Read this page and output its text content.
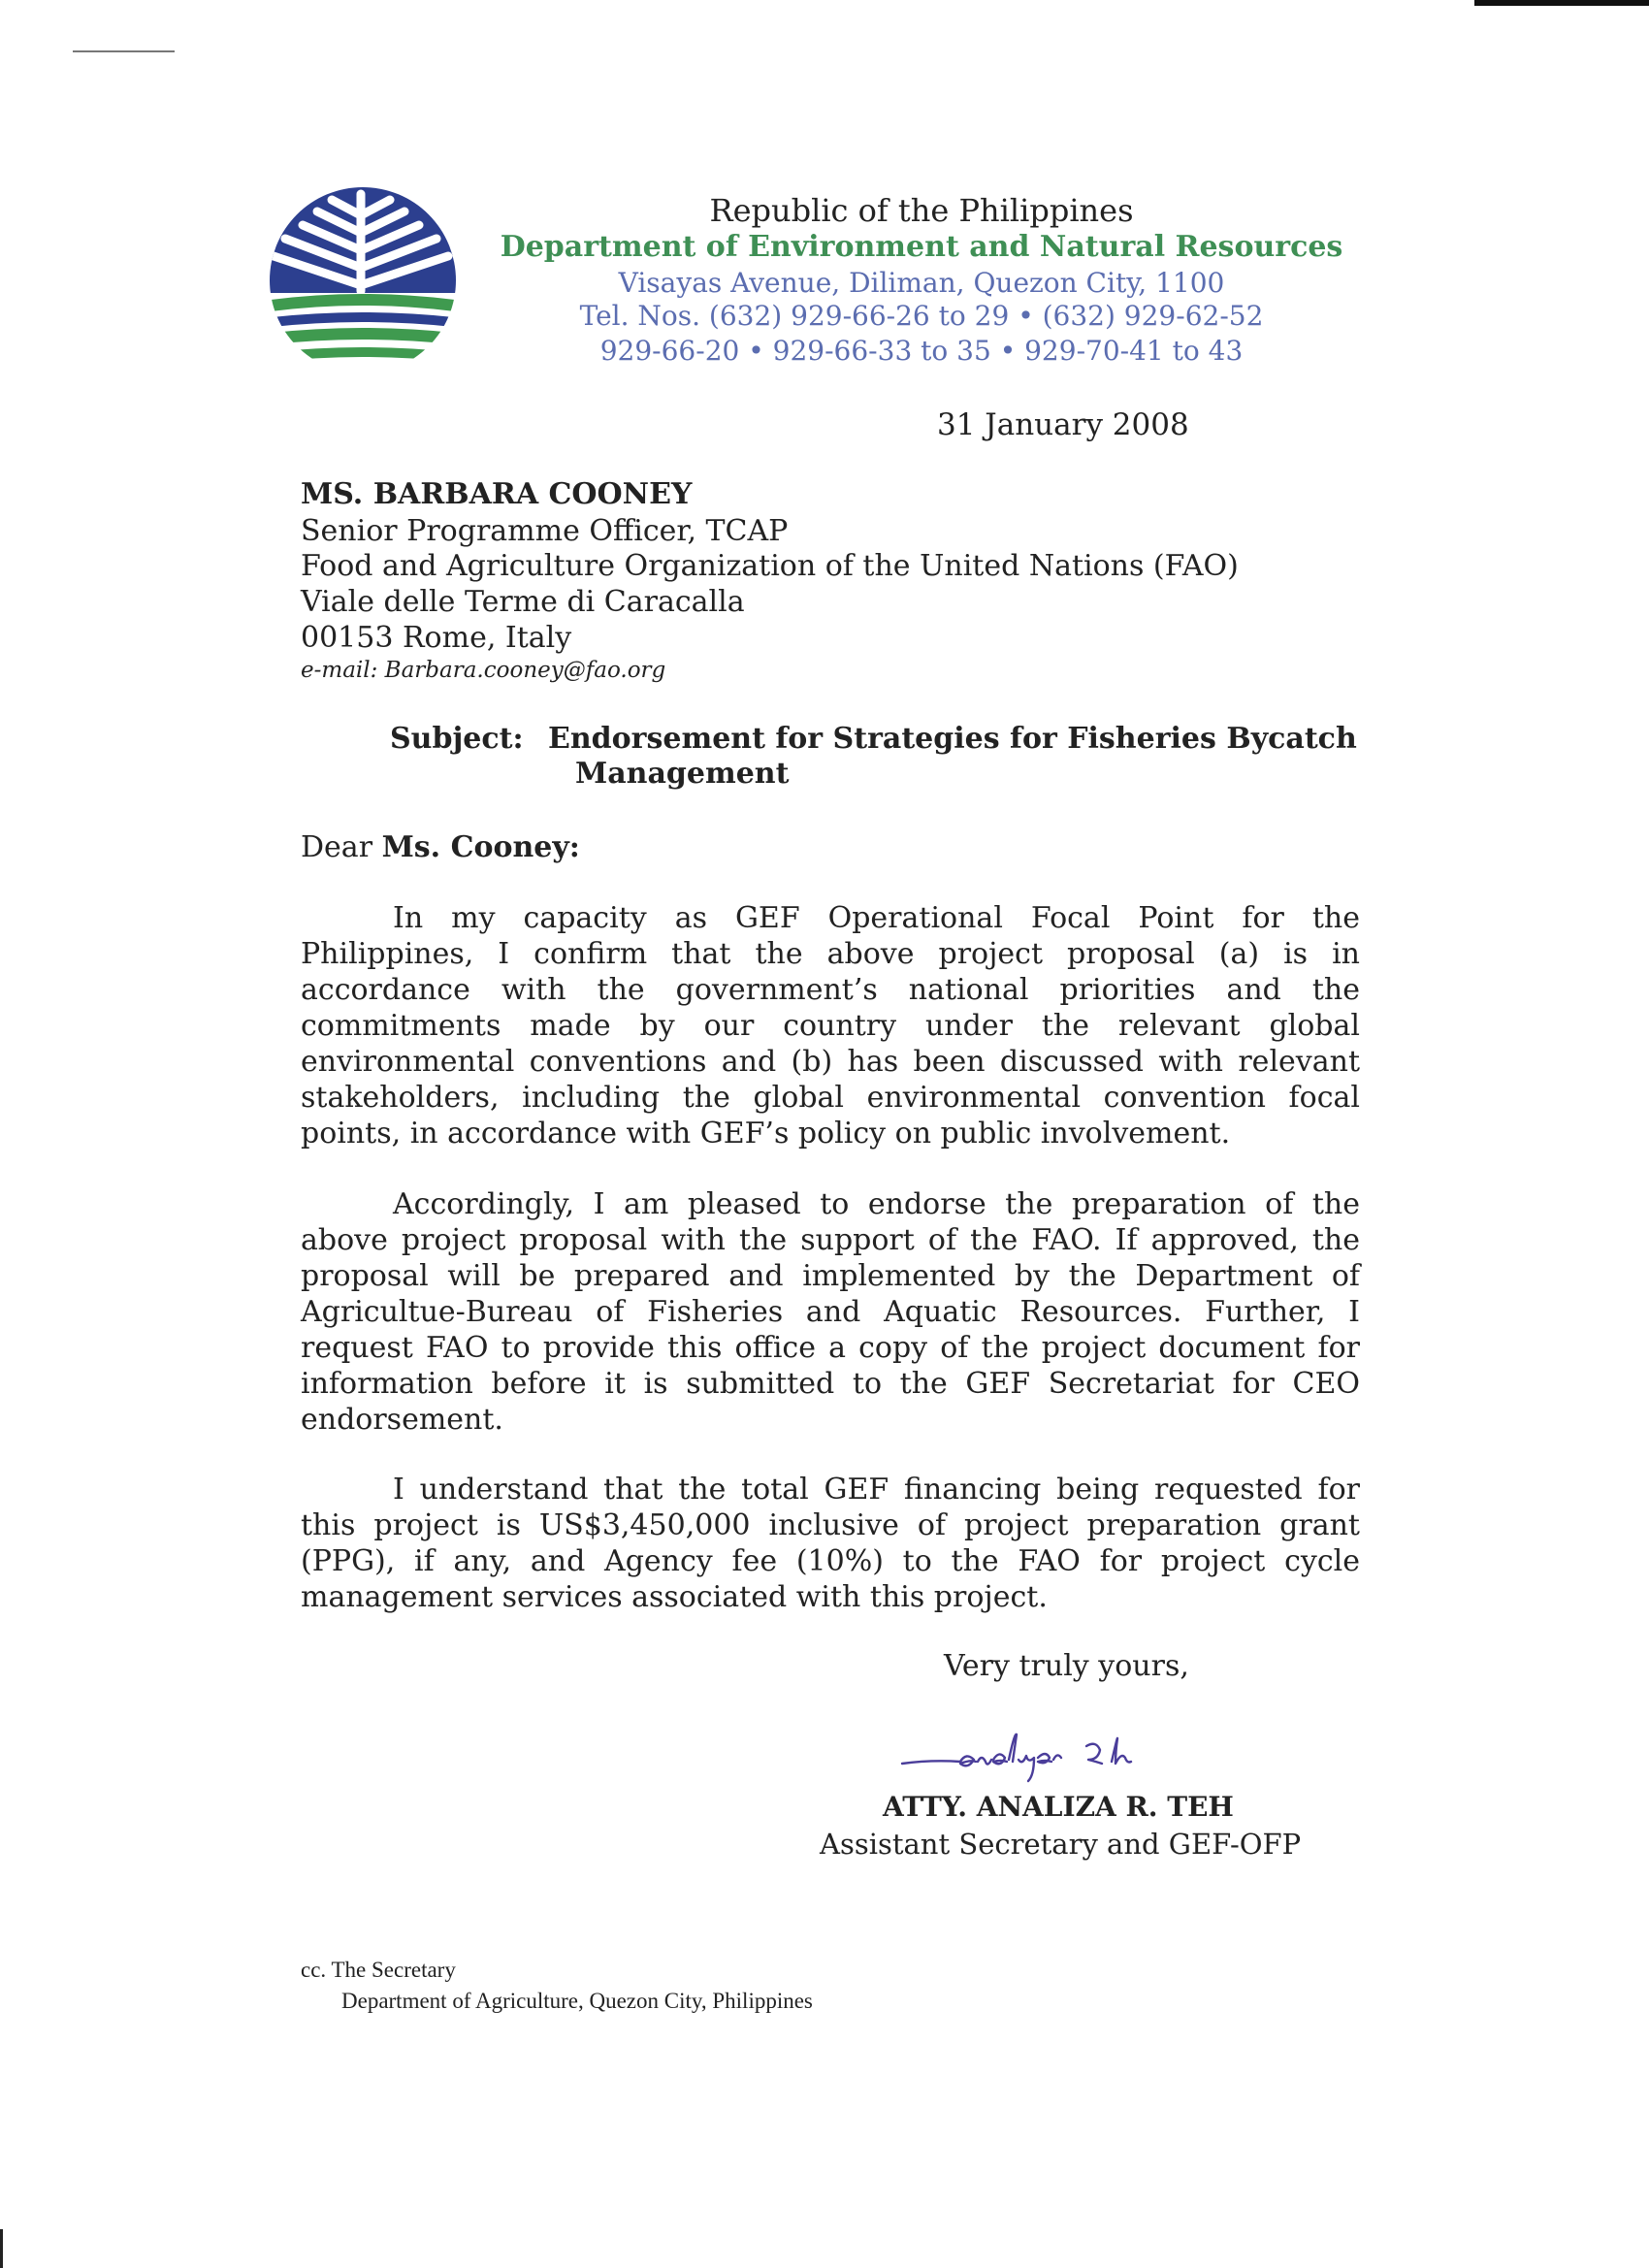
Republic of the Philippines
Department of Environment and Natural Resources
Visayas Avenue, Diliman, Quezon City, 1100
Tel. Nos. (632) 929-66-26 to 29 • (632) 929-62-52
929-66-20 • 929-66-33 to 35 • 929-70-41 to 43
31 January 2008
MS. BARBARA COONEY
Senior Programme Officer, TCAP
Food and Agriculture Organization of the United Nations (FAO)
Viale delle Terme di Caracalla
00153 Rome, Italy
e-mail: Barbara.cooney@fao.org
Subject: Endorsement for Strategies for Fisheries Bycatch
Management
Dear Ms. Cooney:

In my capacity as GEF Operational Focal Point for the Philippines, I confirm that the above project proposal (a) is in accordance with the government’s national priorities and the commitments made by our country under the relevant global environmental conventions and (b) has been discussed with relevant stakeholders, including the global environmental convention focal points, in accordance with GEF’s policy on public involvement.

Accordingly, I am pleased to endorse the preparation of the above project proposal with the support of the FAO. If approved, the proposal will be prepared and implemented by the Department of Agricultue-Bureau of Fisheries and Aquatic Resources. Further, I request FAO to provide this office a copy of the project document for information before it is submitted to the GEF Secretariat for CEO endorsement.

I understand that the total GEF financing being requested for this project is US$3,450,000 inclusive of project preparation grant (PPG), if any, and Agency fee (10%) to the FAO for project cycle management services associated with this project.

Very truly yours,
ATTY. ANALIZA R. TEH
Assistant Secretary and GEF-OFP
cc. The Secretary
Department of Agriculture, Quezon City, Philippines
